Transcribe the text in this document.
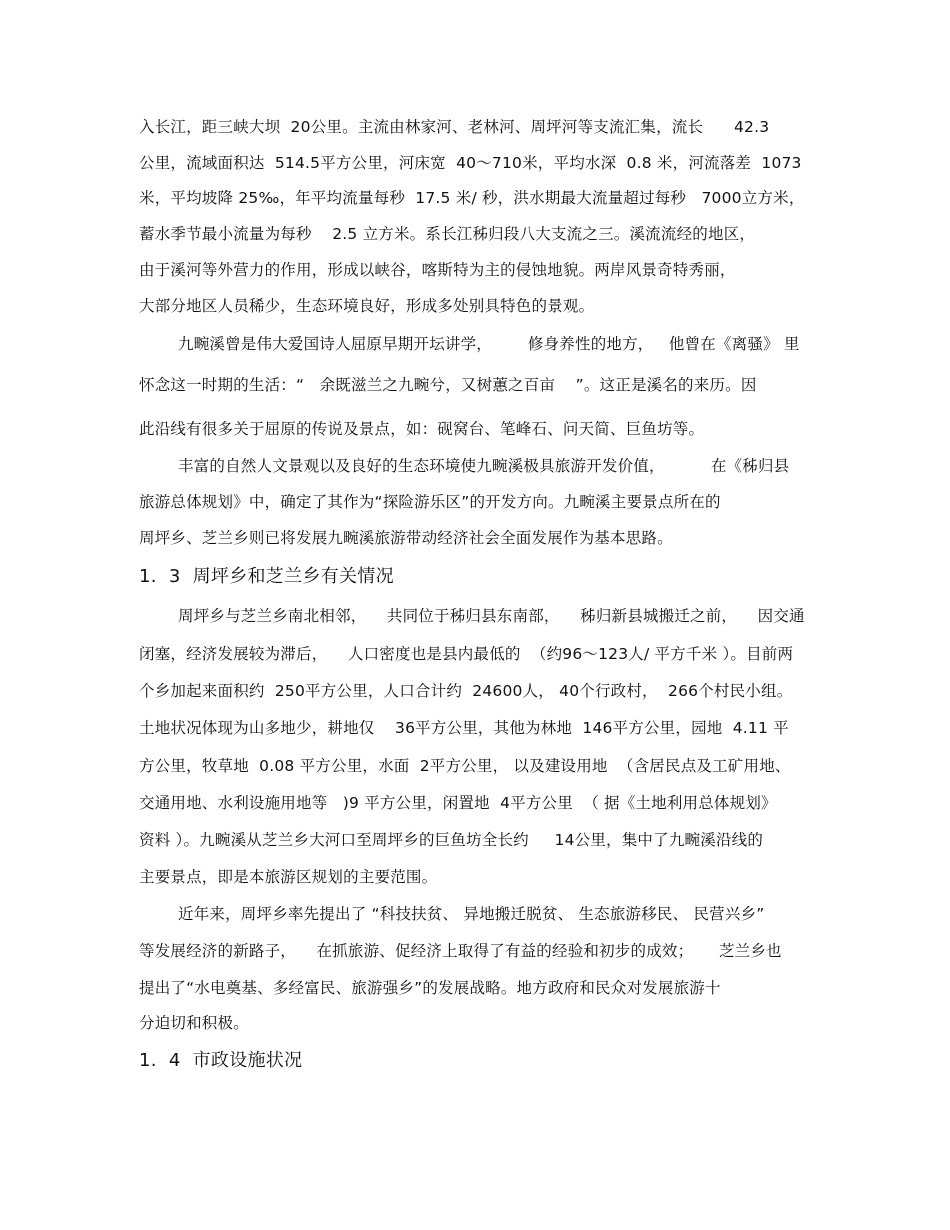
入长江，距三峡大坝  20公里。主流由林家河、老林河、周坪河等支流汇集，流长      42.3
公里，流域面积达  514.5平方公里，河床宽  40～710米，平均水深  0.8 米，河流落差  1073
米，平均坡降 25‰，年平均流量每秒  17.5 米/ 秒，洪水期最大流量超过每秒   7000立方米，
蓄水季节最小流量为每秒    2.5 立方米。系长江秭归段八大支流之三。溪流流经的地区，
由于溪河等外营力的作用，形成以峡谷，喀斯特为主的侵蚀地貌。两岸风景奇特秀丽，
大部分地区人员稀少，生态环境良好，形成多处别具特色的景观。
九畹溪曾是伟大爱国诗人屈原早期开坛讲学，       修身养性的地方，   他曾在《离骚》 里
怀念这一时期的生活：“   余既滋兰之九畹兮，又树蕙之百亩    ”。这正是溪名的来历。因
此沿线有很多关于屈原的传说及景点，如：砚窝台、笔峰石、问天简、巨鱼坊等。
丰富的自然人文景观以及良好的生态环境使九畹溪极具旅游开发价值，         在《秭归县
旅游总体规划》中，确定了其作为“探险游乐区”的开发方向。九畹溪主要景点所在的
周坪乡、芝兰乡则已将发展九畹溪旅游带动经济社会全面发展作为基本思路。
1.  3  周坪乡和芝兰乡有关情况
周坪乡与芝兰乡南北相邻，    共同位于秭归县东南部，    秭归新县城搬迁之前，    因交通
闭塞，经济发展较为滞后，    人口密度也是县内最低的  （约96～123人/ 平方千米 ）。目前两
个乡加起来面积约  250平方公里，人口合计约  24600人， 40个行政村，  266个村民小组。
土地状况体现为山多地少，耕地仅    36平方公里，其他为林地  146平方公里，园地  4.11 平
方公里，牧草地  0.08 平方公里，水面  2平方公里， 以及建设用地  （含居民点及工矿用地、
交通用地、水利设施用地等   )9 平方公里，闲置地  4平方公里  （ 据《土地利用总体规划》
资料 ）。九畹溪从芝兰乡大河口至周坪乡的巨鱼坊全长约     14公里，集中了九畹溪沿线的
主要景点，即是本旅游区规划的主要范围。
近年来，周坪乡率先提出了 “科技扶贫、 异地搬迁脱贫、 生态旅游移民、 民营兴乡”
等发展经济的新路子，    在抓旅游、促经济上取得了有益的经验和初步的成效；     芝兰乡也
提出了“水电奠基、多经富民、旅游强乡”的发展战略。地方政府和民众对发展旅游十
分迫切和积极。
1.  4  市政设施状况
